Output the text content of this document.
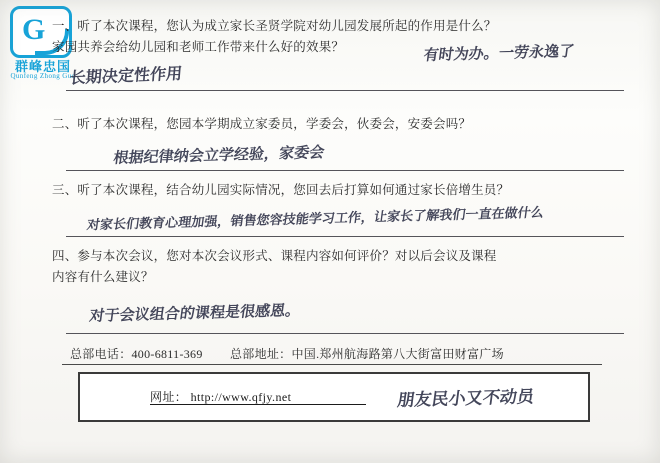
G
群峰忠国
Qunfeng Zhong Guo
一、听了本次课程，您认为成立家长圣贤学院对幼儿园发展所起的作用是什么？
家园共养会给幼儿园和老师工作带来什么好的效果？	有时为办。一劳永逸了
长期决定性作用
二、听了本次课程，您园本学期成立家委员，学委会，伙委会，安委会吗？
根据纪律纳会立学经验，家委会
三、听了本次课程，结合幼儿园实际情况，您回去后打算如何通过家长倍增生员？
对家长们教育心理加强，销售您容技能学习工作，让家长了解我们一直在做什么
四、参与本次会议，您对本次会议形式、课程内容如何评价？对以后会议及课程
内容有什么建议？
对于会议组合的课程是很感恩。
总部电话：400-6811-369 总部地址：中国.郑州航海路第八大街富田财富广场
网址： http://www.qfjy.net	朋友民小又不动员
